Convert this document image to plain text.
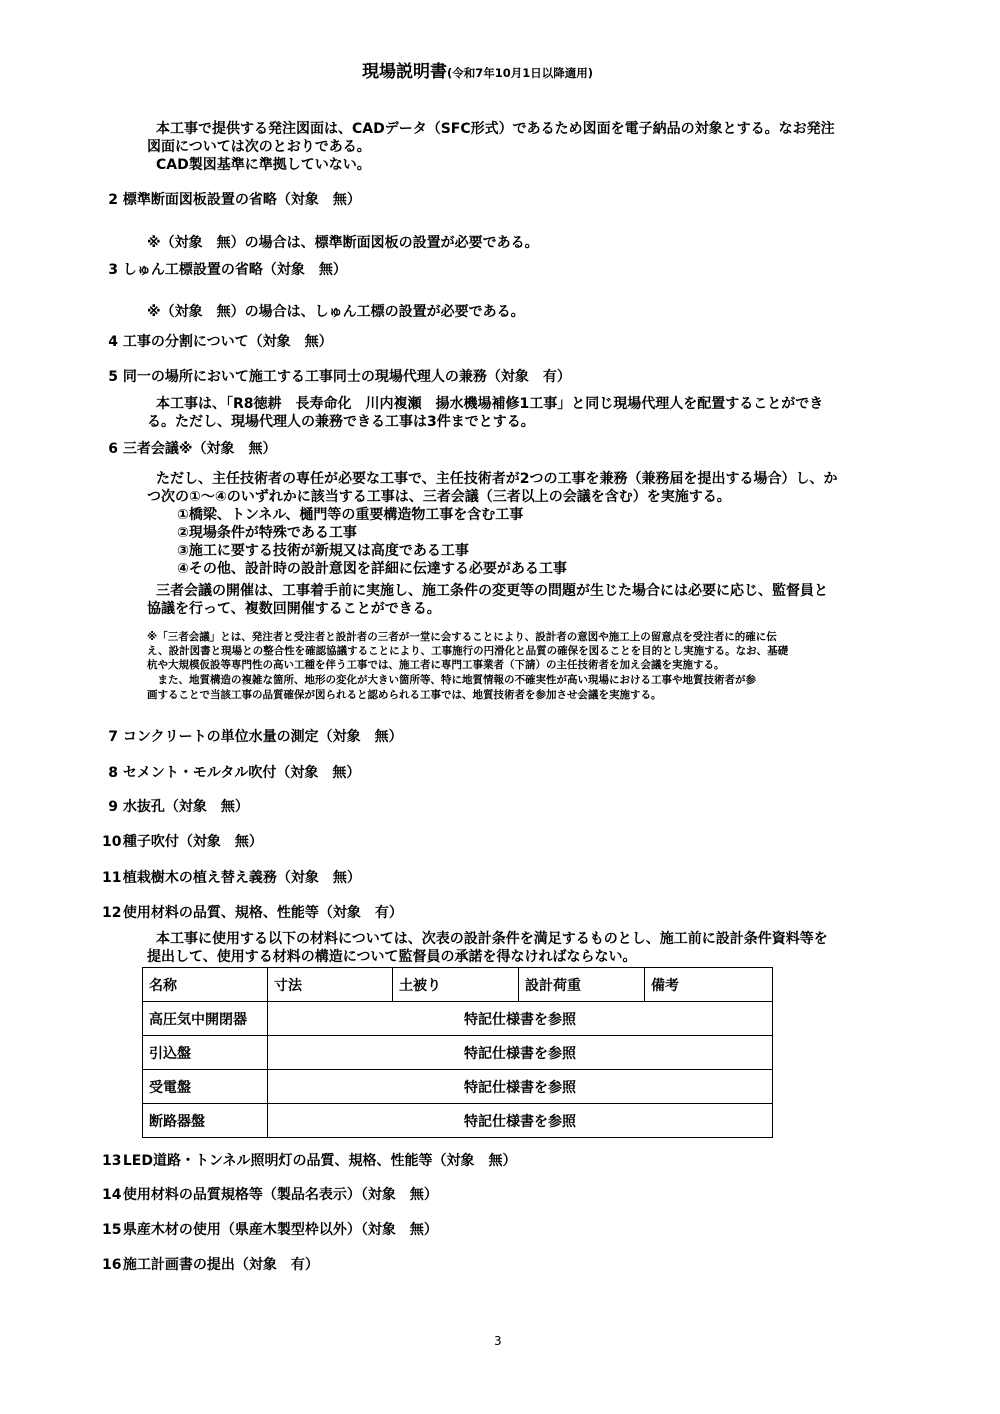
現場説明書(令和7年10月1日以降適用)

本工事で提供する発注図面は、CADデータ（SFC形式）であるため図面を電子納品の対象とする。なお発注

図面については次のとおりである。

CAD製図基準に準拠していない。

2 標準断面図板設置の省略（対象　無）

※（対象　無）の場合は、標準断面図板の設置が必要である。

3 しゅん工標設置の省略（対象　無）

※（対象　無）の場合は、しゅん工標の設置が必要である。

4 工事の分割について（対象　無）

5 同一の場所において施工する工事同士の現場代理人の兼務（対象　有）

本工事は、「R8徳耕　長寿命化　川内複瀬　揚水機場補修1工事」と同じ現場代理人を配置することができ

る。ただし、現場代理人の兼務できる工事は3件までとする。

6 三者会議※（対象　無）

ただし、主任技術者の専任が必要な工事で、主任技術者が2つの工事を兼務（兼務届を提出する場合）し、か

つ次の①～④のいずれかに該当する工事は、三者会議（三者以上の会議を含む）を実施する。

①橋梁、トンネル、樋門等の重要構造物工事を含む工事

②現場条件が特殊である工事

③施工に要する技術が新規又は高度である工事

④その他、設計時の設計意図を詳細に伝達する必要がある工事

三者会議の開催は、工事着手前に実施し、施工条件の変更等の問題が生じた場合には必要に応じ、監督員と

協議を行って、複数回開催することができる。

※「三者会議」とは、発注者と受注者と設計者の三者が一堂に会することにより、設計者の意図や施工上の留意点を受注者に的確に伝

え、設計図書と現場との整合性を確認協議することにより、工事施行の円滑化と品質の確保を図ることを目的とし実施する。なお、基礎

杭や大規模仮設等専門性の高い工種を伴う工事では、施工者に専門工事業者（下請）の主任技術者を加え会議を実施する。

　また、地質構造の複雑な箇所、地形の変化が大きい箇所等、特に地質情報の不確実性が高い現場における工事や地質技術者が参

画することで当該工事の品質確保が図られると認められる工事では、地質技術者を参加させ会議を実施する。

7 コンクリートの単位水量の測定（対象　無）

8 セメント・モルタル吹付（対象　無）

9 水抜孔（対象　無）

10 種子吹付（対象　無）

11 植栽樹木の植え替え義務（対象　無）

12 使用材料の品質、規格、性能等（対象　有）

本工事に使用する以下の材料については、次表の設計条件を満足するものとし、施工前に設計条件資料等を

提出して、使用する材料の構造について監督員の承諾を得なければならない。

名称	寸法	土被り	設計荷重	備考
高圧気中開閉器	特記仕様書を参照			
引込盤	特記仕様書を参照			
受電盤	特記仕様書を参照			
断路器盤	特記仕様書を参照			

13 LED道路・トンネル照明灯の品質、規格、性能等（対象　無）

14 使用材料の品質規格等（製品名表示）（対象　無）

15 県産木材の使用（県産木製型枠以外）（対象　無）

16 施工計画書の提出（対象　有）

3
